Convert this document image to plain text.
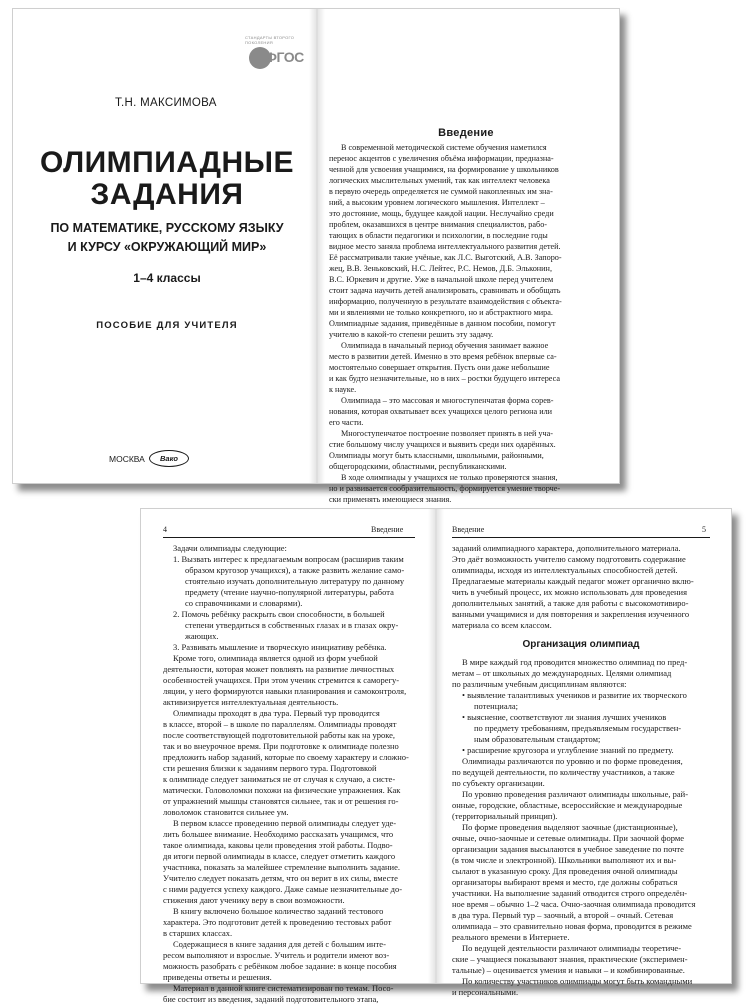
СТАНДАРТЫ ВТОРОГО ПОКОЛЕНИЯ
ФГОС
Т.Н. МАКСИМОВА
ОЛИМПИАДНЫЕ
ЗАДАНИЯ
ПО МАТЕМАТИКЕ, РУССКОМУ ЯЗЫКУ
И КУРСУ «ОКРУЖАЮЩИЙ МИР»
1–4 классы
ПОСОБИЕ ДЛЯ УЧИТЕЛЯ
МОСКВА	Вако
Введение
В современной методической системе обучения наметился
перенос акцентов с увеличения объёма информации, предназна-
ченной для усвоения учащимися, на формирование у школьников
логических мыслительных умений, так как интеллект человека
в первую очередь определяется не суммой накопленных им зна-
ний, а высоким уровнем логического мышления. Интеллект –
это достояние, мощь, будущее каждой нации. Неслучайно среди
проблем, оказавшихся в центре внимания специалистов, рабо-
тающих в области педагогики и психологии, в последние годы
видное место заняла проблема интеллектуального развития детей.
Её рассматривали такие учёные, как Л.С. Выготский, А.В. Запоро-
жец, В.В. Зеньковский, Н.С. Лейтес, Р.С. Немов, Д.Б. Эльконин,
В.С. Юркевич и другие. Уже в начальной школе перед учителем
стоит задача научить детей анализировать, сравнивать и обобщать
информацию, полученную в результате взаимодействия с объекта-
ми и явлениями не только конкретного, но и абстрактного мира.
Олимпиадные задания, приведённые в данном пособии, помогут
учителю в какой-то степени решить эту задачу.
Олимпиада в начальный период обучения занимает важное
место в развитии детей. Именно в это время ребёнок впервые са-
мостоятельно совершает открытия. Пусть они даже небольшие
и как будто незначительные, но в них – ростки будущего интереса
к науке.
Олимпиада – это массовая и многоступенчатая форма сорев-
нования, которая охватывает всех учащихся целого региона или
его части.
Многоступенчатое построение позволяет принять в ней уча-
стие большому числу учащихся и выявить среди них одарённых.
Олимпиады могут быть классными, школьными, районными,
общегородскими, областными, республиканскими.
В ходе олимпиады у учащихся не только проверяются знания,
но и развивается сообразительность, формируется умение творче-
ски применять имеющиеся знания.
4	Введение	Введение	5
Задачи олимпиады следующие:
1. Вызвать интерес к предлагаемым вопросам (расширив таким
образом кругозор учащихся), а также развить желание само-
стоятельно изучать дополнительную литературу по данному
предмету (чтение научно-популярной литературы, работа
со справочниками и словарями).
2. Помочь ребёнку раскрыть свои способности, в большей
степени утвердиться в собственных глазах и в глазах окру-
жающих.
3. Развивать мышление и творческую инициативу ребёнка.
Кроме того, олимпиада является одной из форм учебной
деятельности, которая может повлиять на развитие личностных
особенностей учащихся. При этом ученик стремится к саморегу-
ляции, у него формируются навыки планирования и самоконтроля,
активизируется интеллектуальная деятельность.
Олимпиады проходят в два тура. Первый тур проводится
в классе, второй – в школе по параллелям. Олимпиады проводят
после соответствующей подготовительной работы как на уроке,
так и во внеурочное время. При подготовке к олимпиаде полезно
предложить набор заданий, которые по своему характеру и сложно-
сти решения близки к заданиям первого тура. Подготовкой
к олимпиаде следует заниматься не от случая к случаю, а систе-
матически. Головоломки похожи на физические упражнения. Как
от упражнений мышцы становятся сильнее, так и от решения го-
ловоломок становится сильнее ум.
В первом классе проведению первой олимпиады следует уде-
лить большее внимание. Необходимо рассказать учащимся, что
такое олимпиада, каковы цели проведения этой работы. Подво-
дя итоги первой олимпиады в классе, следует отметить каждого
участника, показать за малейшее стремление выполнить задание.
Учителю следует показать детям, что он верит в их силы, вместе
с ними радуется успеху каждого. Даже самые незначительные до-
стижения дают ученику веру в свои возможности.
В книгу включено большое количество заданий тестового
характера. Это подготовит детей к проведению тестовых работ
в старших классах.
Содержащиеся в книге задания для детей с большим инте-
ресом выполняют и взрослые. Учитель и родители имеют воз-
можность разобрать с ребёнком любое задание: в конце пособия
приведены ответы и решения.
Материал в данной книге систематизирован по темам. Посо-
бие состоит из введения, заданий подготовительного этапа,
заданий олимпиадного характера, дополнительного материала.
Это даёт возможность учителю самому подготовить содержание
олимпиады, исходя из интеллектуальных способностей детей.
Предлагаемые материалы каждый педагог может органично вклю-
чить в учебный процесс, их можно использовать для проведения
дополнительных занятий, а также для работы с высокомотивиро-
ванными учащимися и для повторения и закрепления изученного
материала со всем классом.
Организация олимпиад
В мире каждый год проводится множество олимпиад по пред-
метам – от школьных до международных. Целями олимпиад
по различным учебным дисциплинам являются:
• выявление талантливых учеников и развитие их творческого
потенциала;
• выяснение, соответствуют ли знания лучших учеников
по предмету требованиям, предъявляемым государствен-
ным образовательным стандартом;
• расширение кругозора и углубление знаний по предмету.
Олимпиады различаются по уровню и по форме проведения,
по ведущей деятельности, по количеству участников, а также
по субъекту организации.
По уровню проведения различают олимпиады школьные, рай-
онные, городские, областные, всероссийские и международные
(территориальный принцип).
По форме проведения выделяют заочные (дистанционные),
очные, очно-заочные и сетевые олимпиады. При заочной форме
организации задания высылаются в учебное заведение по почте
(в том числе и электронной). Школьники выполняют их и вы-
сылают в указанную сроку. Для проведения очной олимпиады
организаторы выбирают время и место, где должны собраться
участники. На выполнение заданий отводится строго определён-
ное время – обычно 1–2 часа. Очно-заочная олимпиада проводится
в два тура. Первый тур – заочный, а второй – очный. Сетевая
олимпиада – это сравнительно новая форма, проводится в режиме
реального времени в Интернете.
По ведущей деятельности различают олимпиады теоретиче-
ские – учащиеся показывают знания, практические (эксперимен-
тальные) – оценивается умения и навыки – и комбинированные.
По количеству участников олимпиады могут быть командными
и персональными.
